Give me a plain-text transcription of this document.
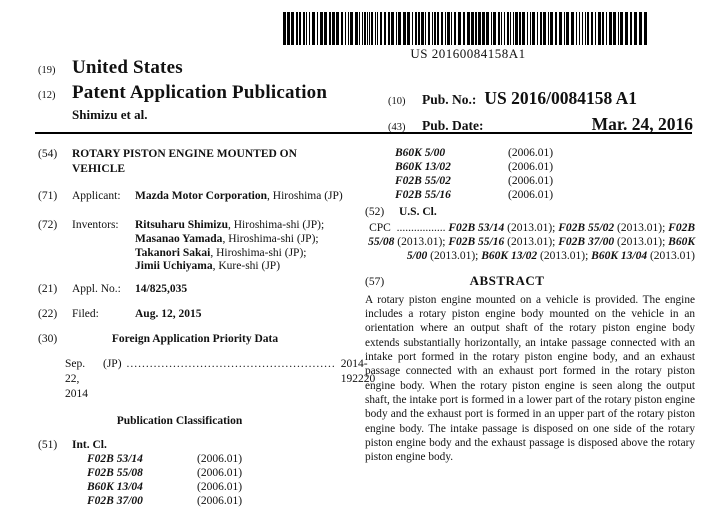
US 20160084158A1
(19) United States
(12) Patent Application Publication
Shimizu et al.
(10)	Pub. No.: US 2016/0084158 A1
(43)	Pub. Date:	Mar. 24, 2016
(54)	ROTARY PISTON ENGINE MOUNTED ON VEHICLE
(71)	Applicant:	Mazda Motor Corporation, Hiroshima (JP)
(72)	Inventors:	Ritsuharu Shimizu, Hiroshima-shi (JP);
Masanao Yamada, Hiroshima-shi (JP);
Takanori Sakai, Hiroshima-shi (JP);
Jimii Uchiyama, Kure-shi (JP)
(21)	Appl. No.:	14/825,035
(22)	Filed:	Aug. 12, 2015
(30)	Foreign Application Priority Data
Sep. 22, 2014
(JP) ...................................................... 2014-192220
Publication Classification
(51)	Int. Cl.
F02B 53/14	(2006.01)
F02B 55/08	(2006.01)
B60K 13/04	(2006.01)
F02B 37/00	(2006.01)
B60K 5/00	(2006.01)
B60K 13/02	(2006.01)
F02B 55/02	(2006.01)
F02B 55/16	(2006.01)
(52)	U.S. Cl.
CPC ................. F02B 53/14 (2013.01); F02B 55/02 (2013.01); F02B 55/08 (2013.01); F02B 55/16 (2013.01); F02B 37/00 (2013.01); B60K 5/00 (2013.01); B60K 13/02 (2013.01); B60K 13/04 (2013.01)
(57)	ABSTRACT

A rotary piston engine mounted on a vehicle is provided. The engine includes a rotary piston engine body mounted on the vehicle in an orientation where an output shaft of the rotary piston engine body extends substantially horizontally, an intake passage connected with an intake port formed in the rotary piston engine body, and an exhaust passage connected with an exhaust port formed in the rotary piston engine body. When the rotary piston engine is seen along the output shaft, the intake port is formed in a lower part of the rotary piston engine body and the exhaust port is formed in an upper part of the rotary piston engine body. The intake passage is disposed on one side of the rotary piston engine body and the exhaust passage is disposed above the rotary piston engine body.
